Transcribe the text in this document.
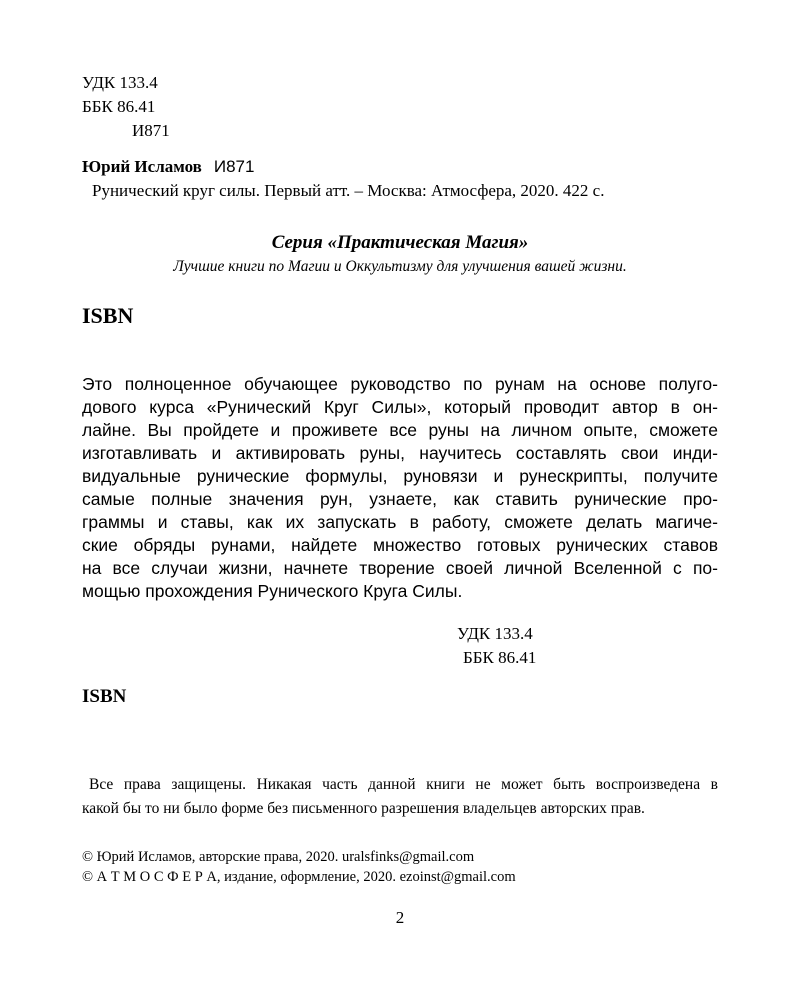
УДК 133.4
ББК 86.41
И871
Юрий Исламов И871
Рунический круг силы. Первый атт. – Москва: Атмосфера, 2020. 422 с.
Серия «Практическая Магия»
Лучшие книги по Магии и Оккультизму для улучшения вашей жизни.
ISBN
Это полноценное обучающее руководство по рунам на основе полуго-
дового курса «Рунический Круг Силы», который проводит автор в он-
лайне. Вы пройдете и проживете все руны на личном опыте, сможете
изготавливать и активировать руны, научитесь составлять свои инди-
видуальные рунические формулы, руновязи и рунескрипты, получите
самые полные значения рун, узнаете, как ставить рунические про-
граммы и ставы, как их запускать в работу, сможете делать магиче-
ские обряды рунами, найдете множество готовых рунических ставов
на все случаи жизни, начнете творение своей личной Вселенной с по-
мощью прохождения Рунического Круга Силы.
УДК 133.4
ББК 86.41
ISBN
Все права защищены. Никакая часть данной книги не может быть воспроизведена в
какой бы то ни было форме без письменного разрешения владельцев авторских прав.
© Юрий Исламов, авторские права, 2020. uralsfinks@gmail.com
© А Т М О С Ф Е Р А, издание, оформление, 2020. ezoinst@gmail.com
2
